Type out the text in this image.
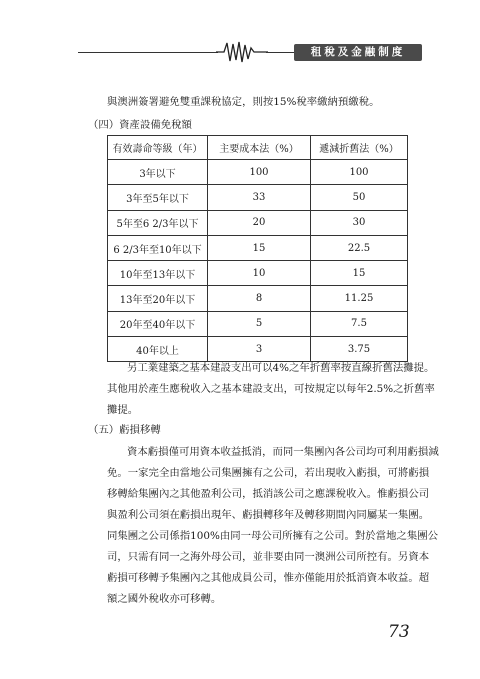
租稅及金融制度
與澳洲簽署避免雙重課稅協定，則按15%稅率繳納預繳稅。
（四）資產設備免稅額
有效壽命等級（年）	主要成本法（%）	遞減折舊法（%）
3年以下	100	100
3年至5年以下	33	50
5年至6 2/3年以下	20	30
6 2/3年至10年以下	15	22.5
10年至13年以下	10	15
13年至20年以下	8	11.25
20年至40年以下	5	7.5
40年以上	3	3.75
另工業建築之基本建設支出可以4%之年折舊率按直線折舊法攤提。
其他用於產生應稅收入之基本建設支出，可按規定以每年2.5%之折舊率
攤提。
（五）虧損移轉
資本虧損僅可用資本收益抵消，而同一集團內各公司均可利用虧損減
免。一家完全由當地公司集團擁有之公司，若出現收入虧損，可將虧損
移轉給集團內之其他盈利公司，抵消該公司之應課稅收入。惟虧損公司
與盈利公司須在虧損出現年、虧損轉移年及轉移期間內同屬某一集團。
同集團之公司係指100%由同一母公司所擁有之公司。對於當地之集團公
司，只需有同一之海外母公司，並非要由同一澳洲公司所控有。另資本
虧損可移轉予集團內之其他成員公司，惟亦僅能用於抵消資本收益。超
額之國外稅收亦可移轉。
73
